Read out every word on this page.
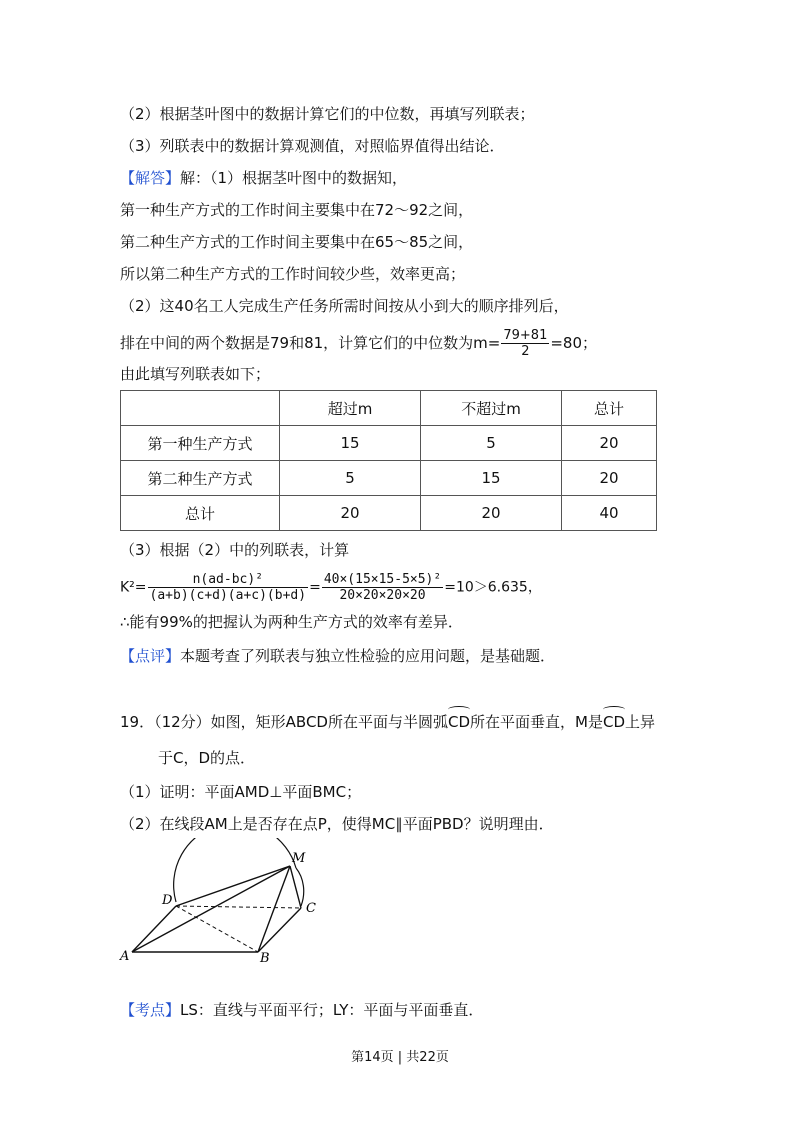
（2）根据茎叶图中的数据计算它们的中位数，再填写列联表；
（3）列联表中的数据计算观测值，对照临界值得出结论．
【解答】解：（1）根据茎叶图中的数据知，
第一种生产方式的工作时间主要集中在72～92之间，
第二种生产方式的工作时间主要集中在65～85之间，
所以第二种生产方式的工作时间较少些，效率更高；
（2）这40名工人完成生产任务所需时间按从小到大的顺序排列后，
排在中间的两个数据是79和81，计算它们的中位数为$m= \frac{79+81}{2} =80$；
由此填写列联表如下；
	超过m	不超过m	总计
第一种生产方式	15	5	20
第二种生产方式	5	15	20
总计	20	20	40
（3）根据（2）中的列联表，计算
$K^2= \frac{\text{n(ad-bc)²}}{(a+b)(c+d)(a+c)(b+d)} = \frac{\text{40×(15×15-5×5)²}}{20\times 20\times 20\times 20} =10>6.635$，
∴能有99%的把握认为两种生产方式的效率有差异．
【点评】本题考查了列联表与独立性检验的应用问题，是基础题．
19．（12分）如图，矩形ABCD所在平面与半圆弧
CD所在平面垂直，M是
CD上异
于C，D的点．
（1）证明：平面AMD⊥平面BMC；
（2）在线段AM上是否存在点P，使得MC∥平面PBD？说明理由．
A	B
C
D
M
【考点】LS：直线与平面平行；LY：平面与平面垂直．
第14页 | 共22页
